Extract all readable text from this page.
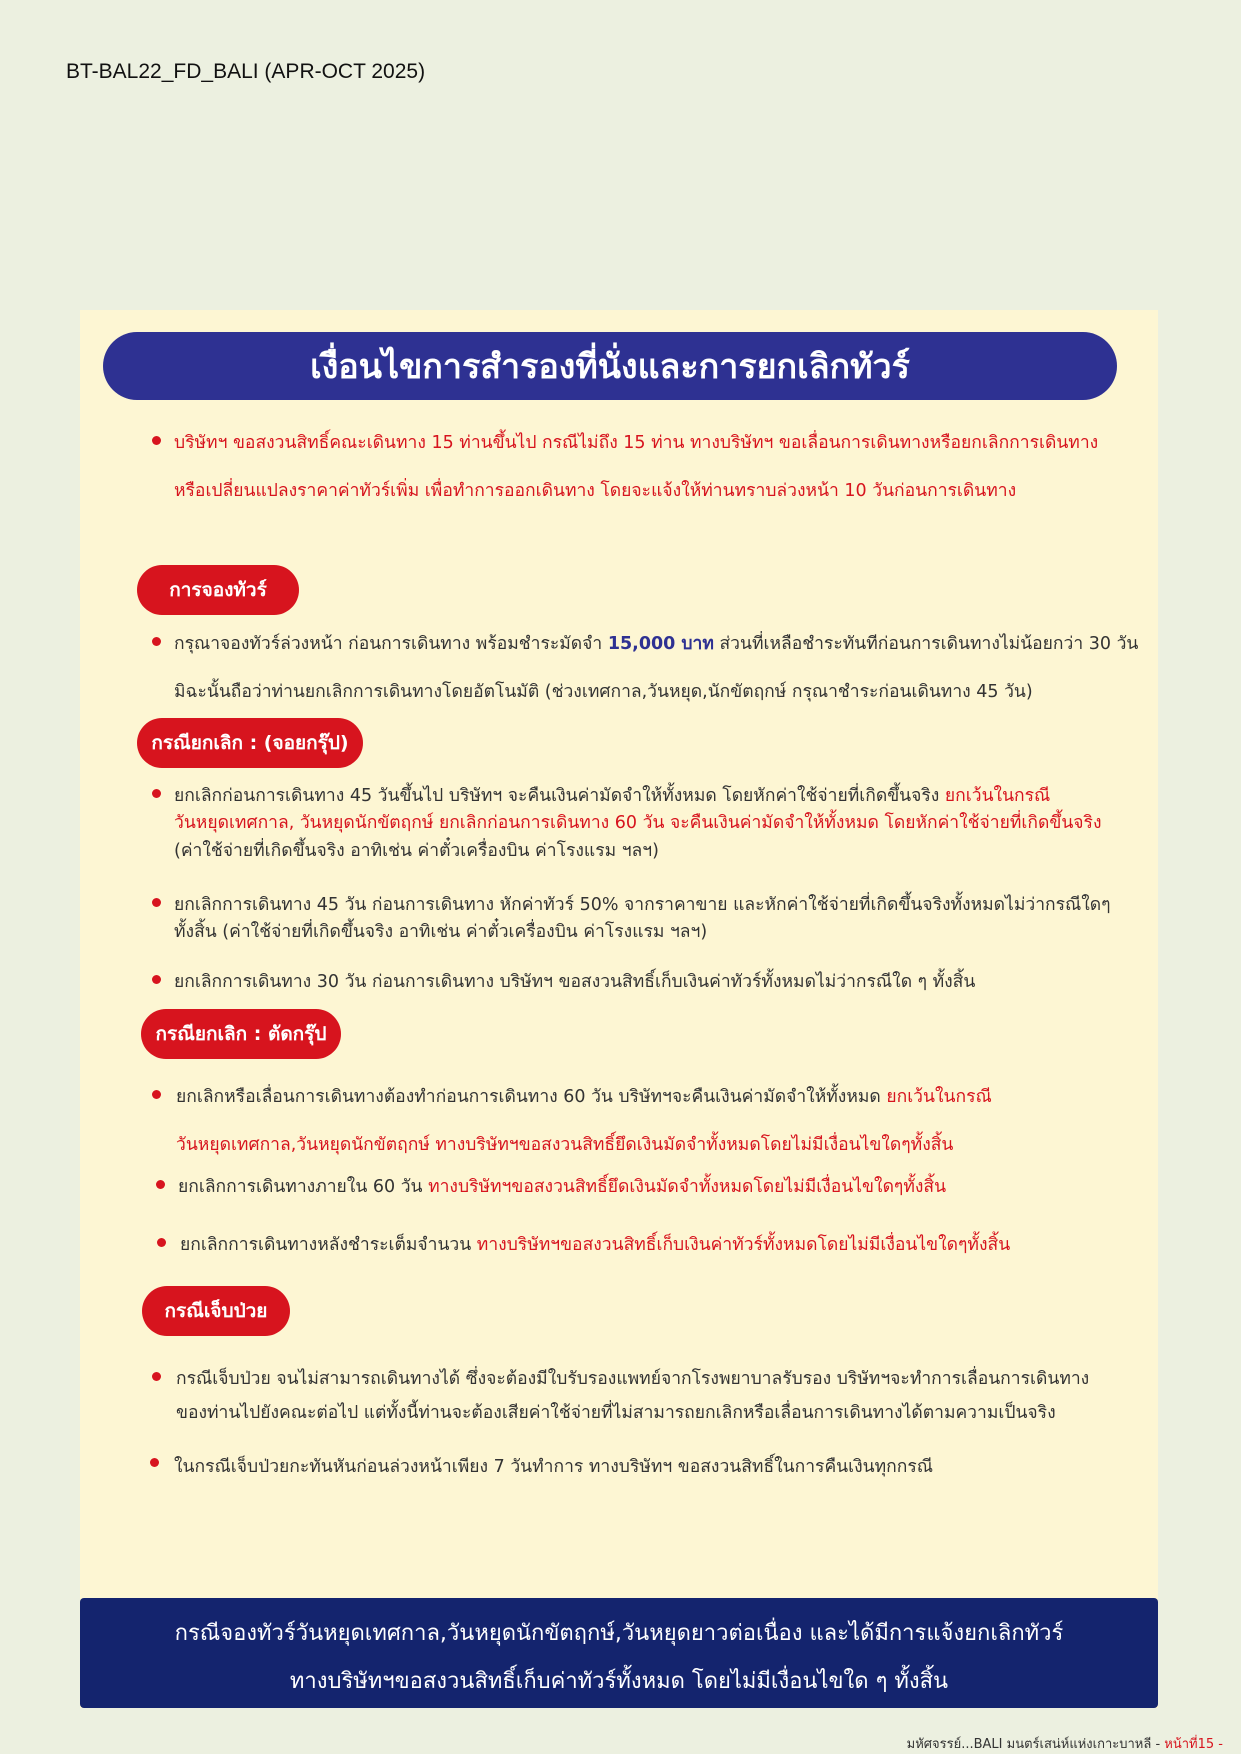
BT-BAL22_FD_BALI (APR-OCT 2025)
เงื่อนไขการสำรองที่นั่งและการยกเลิกทัวร์
บริษัทฯ ขอสงวนสิทธิ์คณะเดินทาง 15 ท่านขึ้นไป กรณีไม่ถึง 15 ท่าน ทางบริษัทฯ ขอเลื่อนการเดินทางหรือยกเลิกการเดินทาง
หรือเปลี่ยนแปลงราคาค่าทัวร์เพิ่ม เพื่อทำการออกเดินทาง โดยจะแจ้งให้ท่านทราบล่วงหน้า 10 วันก่อนการเดินทาง
การจองทัวร์
กรุณาจองทัวร์ล่วงหน้า ก่อนการเดินทาง พร้อมชำระมัดจำ 15,000 บาท ส่วนที่เหลือชำระทันทีก่อนการเดินทางไม่น้อยกว่า 30 วัน
มิฉะนั้นถือว่าท่านยกเลิกการเดินทางโดยอัตโนมัติ (ช่วงเทศกาล,วันหยุด,นักขัตฤกษ์ กรุณาชำระก่อนเดินทาง 45 วัน)
กรณียกเลิก : (จอยกรุ๊ป)
ยกเลิกก่อนการเดินทาง 45 วันขึ้นไป บริษัทฯ จะคืนเงินค่ามัดจำให้ทั้งหมด โดยหักค่าใช้จ่ายที่เกิดขึ้นจริง ยกเว้นในกรณี
วันหยุดเทศกาล, วันหยุดนักขัตฤกษ์ ยกเลิกก่อนการเดินทาง 60 วัน จะคืนเงินค่ามัดจำให้ทั้งหมด โดยหักค่าใช้จ่ายที่เกิดขึ้นจริง
(ค่าใช้จ่ายที่เกิดขึ้นจริง อาทิเช่น ค่าตั๋วเครื่องบิน ค่าโรงแรม ฯลฯ)
ยกเลิกการเดินทาง 45 วัน ก่อนการเดินทาง หักค่าทัวร์ 50% จากราคาขาย และหักค่าใช้จ่ายที่เกิดขึ้นจริงทั้งหมดไม่ว่ากรณีใดๆ
ทั้งสิ้น (ค่าใช้จ่ายที่เกิดขึ้นจริง อาทิเช่น ค่าตั๋วเครื่องบิน ค่าโรงแรม ฯลฯ)
ยกเลิกการเดินทาง 30 วัน ก่อนการเดินทาง บริษัทฯ ขอสงวนสิทธิ์เก็บเงินค่าทัวร์ทั้งหมดไม่ว่ากรณีใด ๆ ทั้งสิ้น
กรณียกเลิก : ตัดกรุ๊ป
ยกเลิกหรือเลื่อนการเดินทางต้องทำก่อนการเดินทาง 60 วัน บริษัทฯจะคืนเงินค่ามัดจำให้ทั้งหมด ยกเว้นในกรณี
วันหยุดเทศกาล,วันหยุดนักขัตฤกษ์ ทางบริษัทฯขอสงวนสิทธิ์ยึดเงินมัดจำทั้งหมดโดยไม่มีเงื่อนไขใดๆทั้งสิ้น
ยกเลิกการเดินทางภายใน 60 วัน ทางบริษัทฯขอสงวนสิทธิ์ยึดเงินมัดจำทั้งหมดโดยไม่มีเงื่อนไขใดๆทั้งสิ้น
ยกเลิกการเดินทางหลังชำระเต็มจำนวน ทางบริษัทฯขอสงวนสิทธิ์เก็บเงินค่าทัวร์ทั้งหมดโดยไม่มีเงื่อนไขใดๆทั้งสิ้น
กรณีเจ็บป่วย
กรณีเจ็บป่วย จนไม่สามารถเดินทางได้ ซึ่งจะต้องมีใบรับรองแพทย์จากโรงพยาบาลรับรอง บริษัทฯจะทำการเลื่อนการเดินทาง
ของท่านไปยังคณะต่อไป แต่ทั้งนี้ท่านจะต้องเสียค่าใช้จ่ายที่ไม่สามารถยกเลิกหรือเลื่อนการเดินทางได้ตามความเป็นจริง
ในกรณีเจ็บป่วยกะทันหันก่อนล่วงหน้าเพียง 7 วันทำการ ทางบริษัทฯ ขอสงวนสิทธิ์ในการคืนเงินทุกกรณี
กรณีจองทัวร์วันหยุดเทศกาล,วันหยุดนักขัตฤกษ์,วันหยุดยาวต่อเนื่อง และได้มีการแจ้งยกเลิกทัวร์
ทางบริษัทฯขอสงวนสิทธิ์เก็บค่าทัวร์ทั้งหมด โดยไม่มีเงื่อนไขใด ๆ ทั้งสิ้น
มหัศจรรย์...BALI มนตร์เสน่ห์แห่งเกาะบาหลี - หน้าที่15 -
